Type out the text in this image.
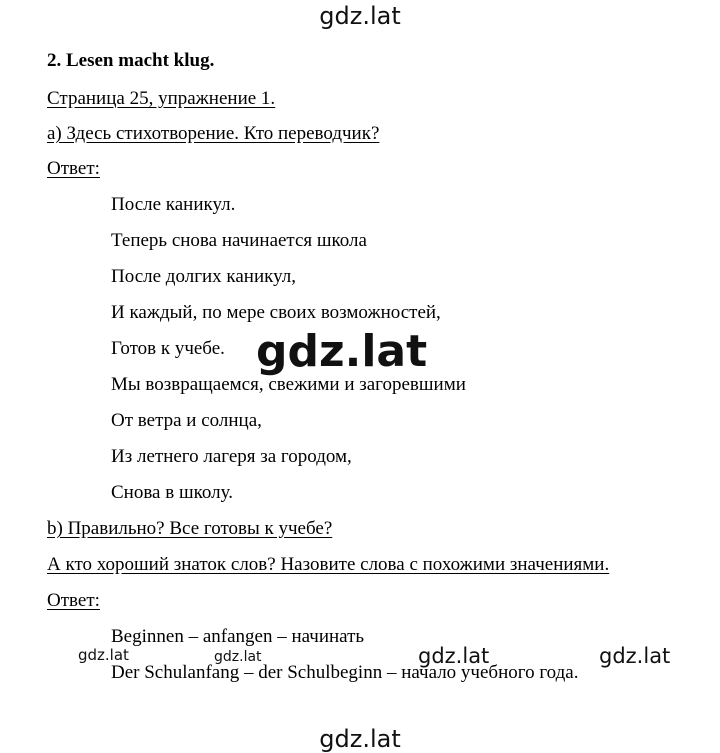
gdz.lat
2. Lesen macht klug.
Страница 25, упражнение 1.
а) Здесь стихотворение. Кто переводчик?
Ответ:
После каникул.
Теперь снова начинается школа
После долгих каникул,
И каждый, по мере своих возможностей,
Готов к учебе.
Мы возвращаемся, свежими и загоревшими
От ветра и солнца,
Из летнего лагеря за городом,
Снова в школу.
b) Правильно? Все готовы к учебе?
А кто хороший знаток слов? Назовите слова с похожими значениями.
Ответ:
Beginnen – anfangen – начинать
Der Schulanfang – der Schulbeginn – начало учебного года.
gdz.lat
gdz.lat	gdz.lat	gdz.lat	gdz.lat
gdz.lat
